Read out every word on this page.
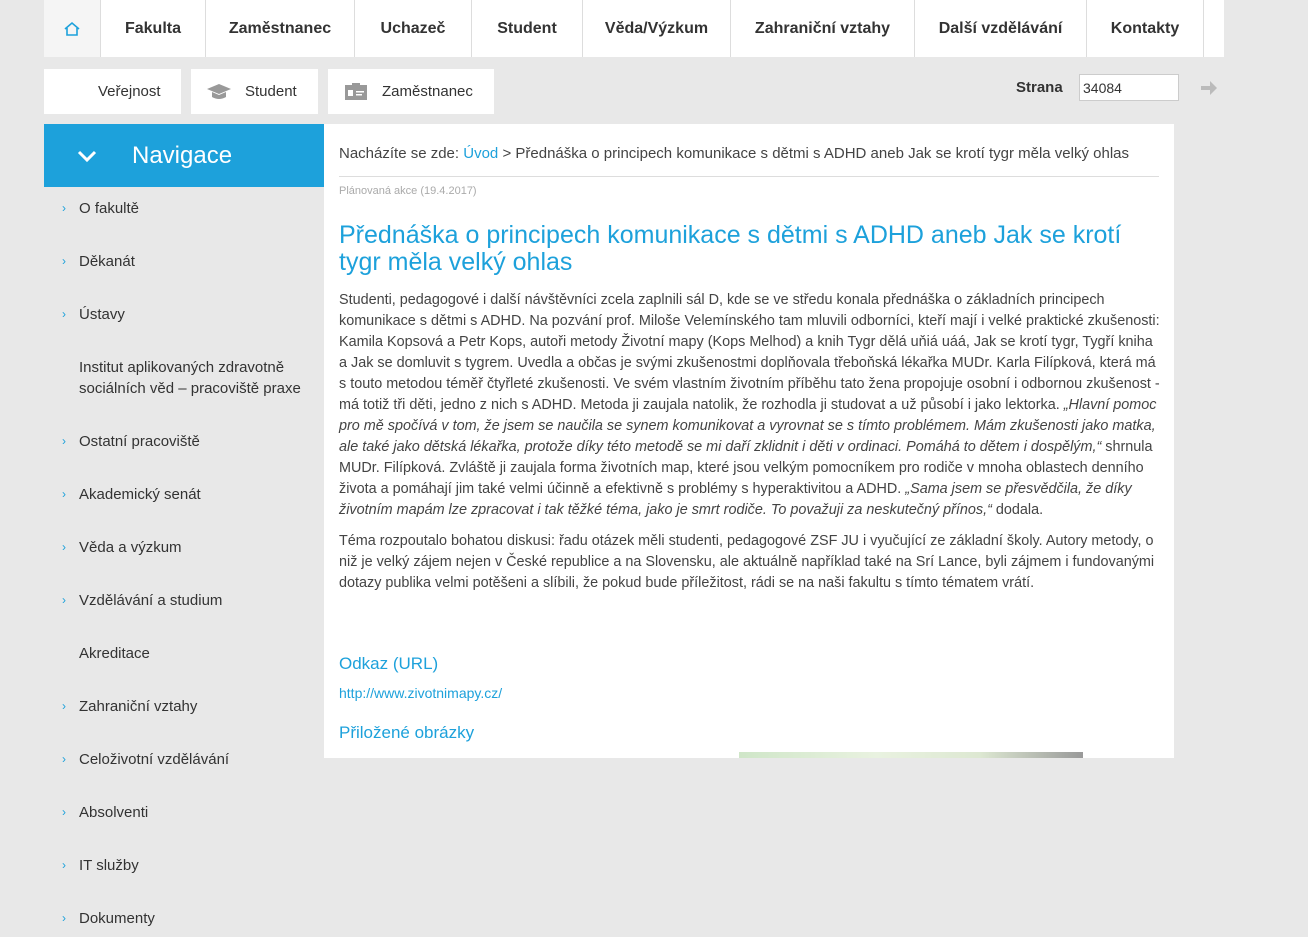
Fakulta	Zaměstnanec	Uchazeč	Student	Věda/Výzkum	Zahraniční vztahy	Další vzdělávání	Kontakty
Veřejnost	Student	Zaměstnanec	Strana
34084
Navigace
› O fakultě
› Děkanát
› Ústavy
Institut aplikovaných zdravotně sociálních věd – pracoviště praxe
› Ostatní pracoviště
› Akademický senát
› Věda a výzkum
› Vzdělávání a studium
Akreditace
› Zahraniční vztahy
› Celoživotní vzdělávání
› Absolventi
› IT služby
› Dokumenty
Nacházíte se zde: Úvod > Přednáška o principech komunikace s dětmi s ADHD aneb Jak se krotí tygr měla velký ohlas
Plánovaná akce (19.4.2017)
Přednáška o principech komunikace s dětmi s ADHD aneb Jak se krotí tygr měla velký ohlas

Studenti, pedagogové i další návštěvníci zcela zaplnili sál D, kde se ve středu konala přednáška o základních principech komunikace s dětmi s ADHD. Na pozvání prof. Miloše Velemínského tam mluvili odborníci, kteří mají i velké praktické zkušenosti: Kamila Kopsová a Petr Kops, autoři metody Životní mapy (Kops Melhod) a knih Tygr dělá uňiá uáá, Jak se krotí tygr, Tygří kniha a Jak se domluvit s tygrem. Uvedla a občas je svými zkušenostmi doplňovala třeboňská lékařka MUDr. Karla Filípková, která má s touto metodou téměř čtyřleté zkušenosti. Ve svém vlastním životním příběhu tato žena propojuje osobní i odbornou zkušenost - má totiž tři děti, jedno z nich s ADHD. Metoda ji zaujala natolik, že rozhodla ji studovat a už působí i jako lektorka. „Hlavní pomoc pro mě spočívá v tom, že jsem se naučila se synem komunikovat a vyrovnat se s tímto problémem. Mám zkušenosti jako matka, ale také jako dětská lékařka, protože díky této metodě se mi daří zklidnit i děti v ordinaci. Pomáhá to dětem i dospělým,“ shrnula MUDr. Filípková. Zvláště ji zaujala forma životních map, které jsou velkým pomocníkem pro rodiče v mnoha oblastech denního života a pomáhají jim také velmi účinně a efektivně s problémy s hyperaktivitou a ADHD. „Sama jsem se přesvědčila, že díky životním mapám lze zpracovat i tak těžké téma, jako je smrt rodiče. To považuji za neskutečný přínos,“ dodala.

Téma rozpoutalo bohatou diskusi: řadu otázek měli studenti, pedagogové ZSF JU i vyučující ze základní školy. Autory metody, o niž je velký zájem nejen v České republice a na Slovensku, ale aktuálně například také na Srí Lance, byli zájmem i fundovanými dotazy publika velmi potěšeni a slíbili, že pokud bude příležitost, rádi se na naši fakultu s tímto tématem vrátí.

Odkaz (URL)
http://www.zivotnimapy.cz/
Přiložené obrázky
